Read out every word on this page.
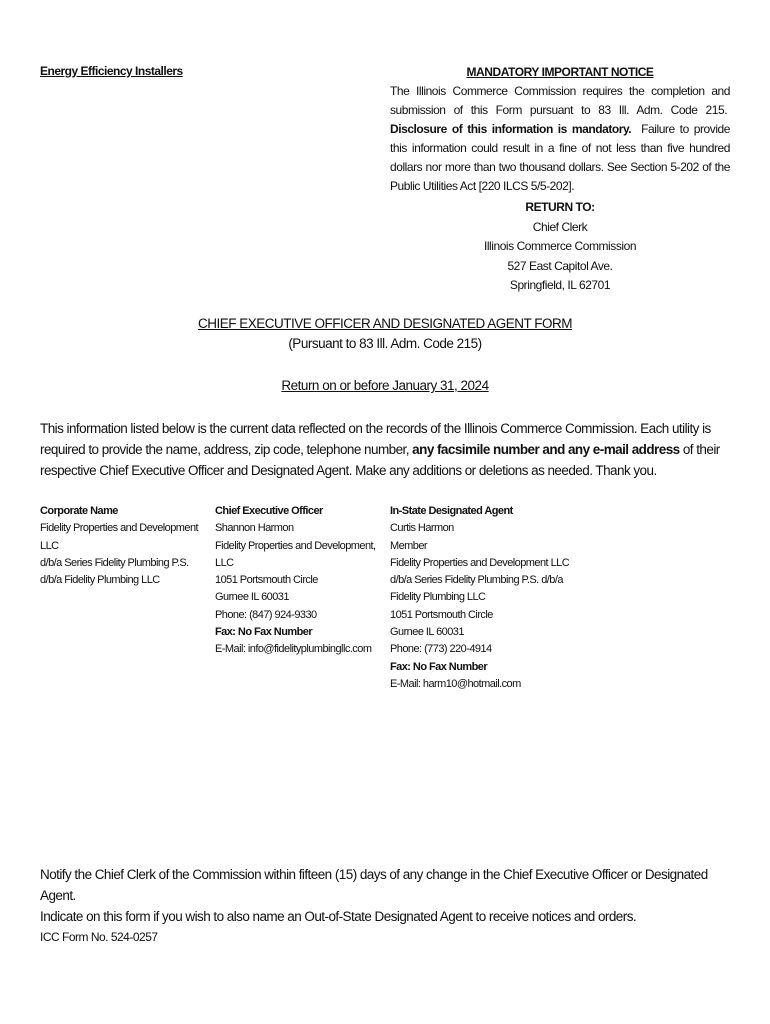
Energy Efficiency Installers	MANDATORY IMPORTANT NOTICE
The Illinois Commerce Commission requires the completion and submission of this Form pursuant to 83 Ill. Adm. Code 215.  Disclosure of this information is mandatory. Failure to provide this information could result in a fine of not less than five hundred dollars nor more than two thousand dollars. See Section 5-202 of the Public Utilities Act [220 ILCS 5/5-202].
RETURN TO:
Chief Clerk
Illinois Commerce Commission
527 East Capitol Ave.
Springfield, IL 62701
CHIEF EXECUTIVE OFFICER AND DESIGNATED AGENT FORM
(Pursuant to 83 Ill. Adm. Code 215)
Return on or before January 31, 2024
This information listed below is the current data reflected on the records of the Illinois Commerce Commission. Each utility is required to provide the name, address, zip code, telephone number, any facsimile number and any e-mail address of their respective Chief Executive Officer and Designated Agent. Make any additions or deletions as needed. Thank you.
Corporate Name
Fidelity Properties and Development LLC
d/b/a Series Fidelity Plumbing P.S.
d/b/a Fidelity Plumbing LLC
Chief Executive Officer
Shannon Harmon
Fidelity Properties and Development, LLC
1051 Portsmouth Circle
Gurnee IL 60031
Phone: (847) 924-9330
Fax: No Fax Number
E-Mail: info@fidelityplumbingllc.com
In-State Designated Agent
Curtis Harmon
Member
Fidelity Properties and Development LLC
d/b/a Series Fidelity Plumbing P.S. d/b/a
Fidelity Plumbing LLC
1051 Portsmouth Circle
Gurnee IL 60031
Phone: (773) 220-4914
Fax: No Fax Number
E-Mail: harm10@hotmail.com
Notify the Chief Clerk of the Commission within fifteen (15) days of any change in the Chief Executive Officer or Designated Agent.
Indicate on this form if you wish to also name an Out-of-State Designated Agent to receive notices and orders.
ICC Form No. 524-0257
